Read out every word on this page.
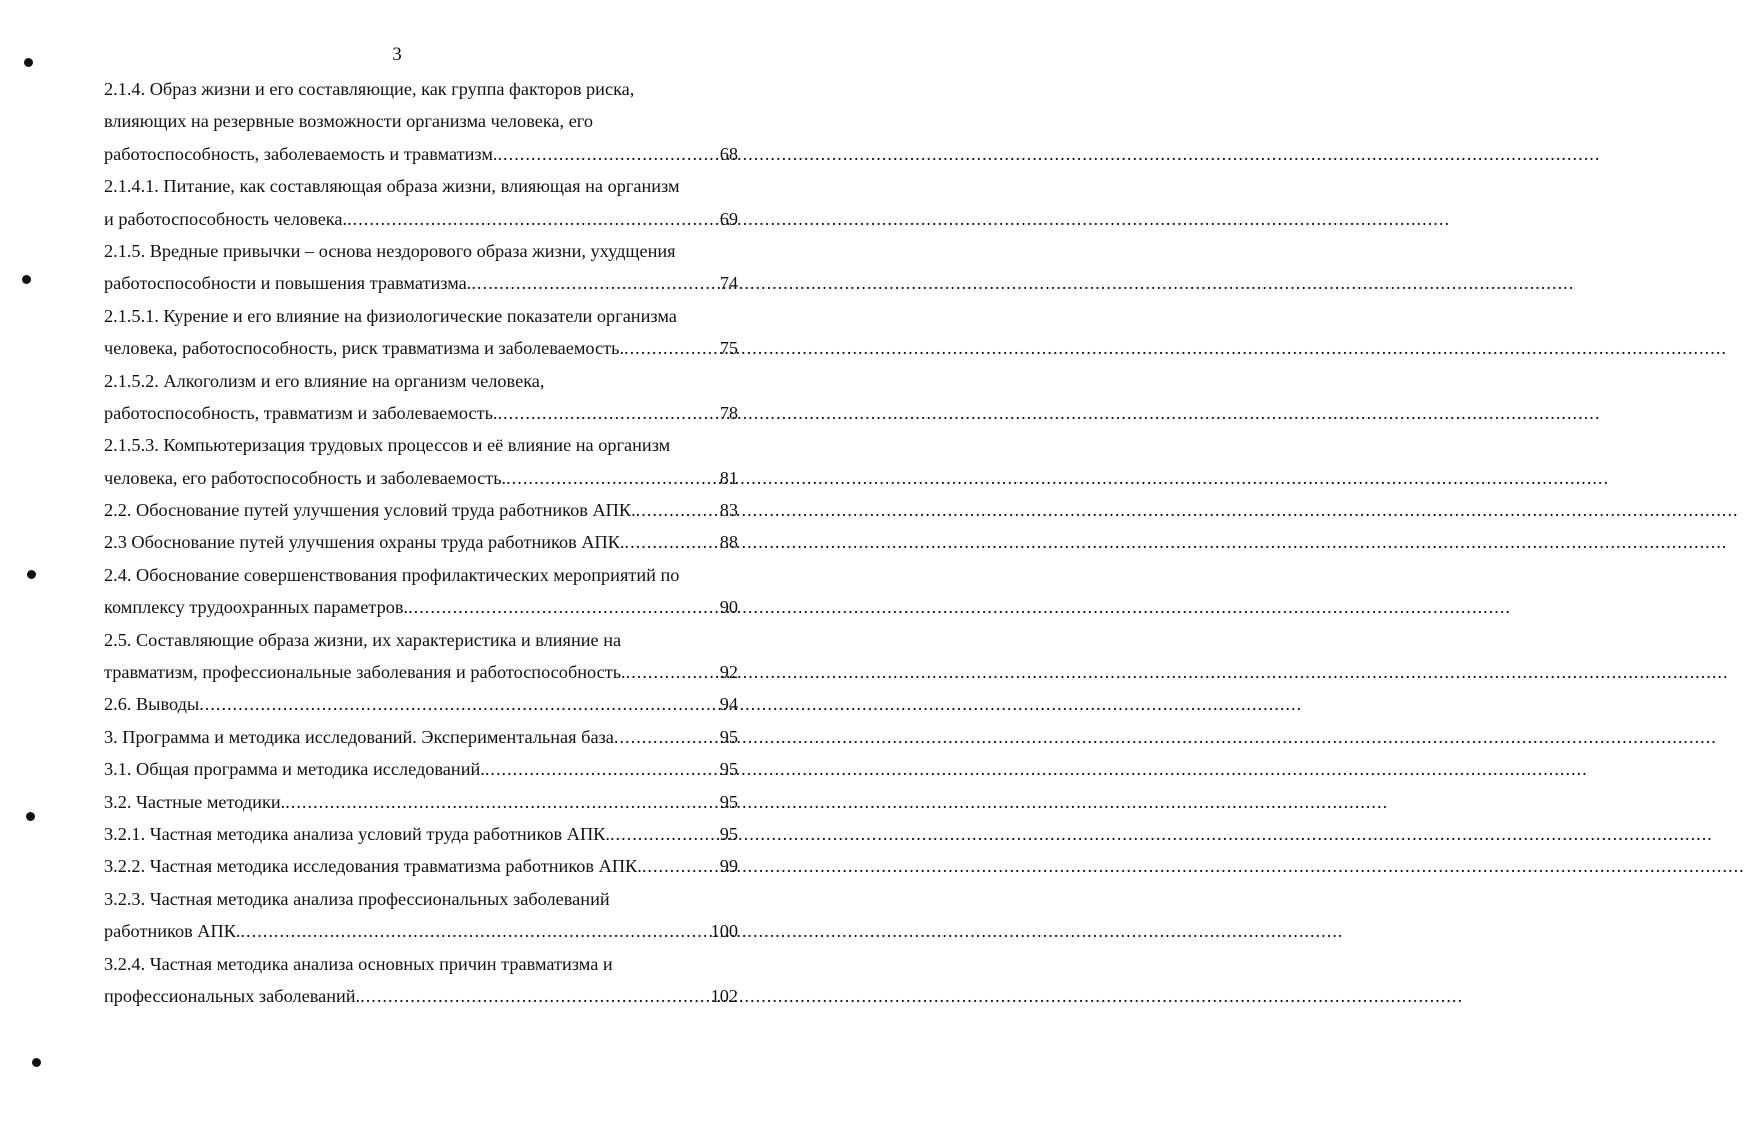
3
2.1.4. Образ жизни и его составляющие, как группа факторов риска,
влияющих на резервные возможности организма человека, его
работоспособность, заболеваемость и травматизм. .....	68
2.1.4.1. Питание, как составляющая образа жизни, влияющая на организм
и работоспособность человека. .....	69
2.1.5. Вредные привычки – основа нездорового образа жизни, ухудщения
работоспособности и повышения травматизма. .....	74
2.1.5.1. Курение и его влияние на физиологические показатели организма
человека, работоспособность, риск травматизма и заболеваемость. .....	75
2.1.5.2. Алкоголизм и его влияние на организм человека,
работоспособность, травматизм и заболеваемость. .....	78
2.1.5.3. Компьютеризация трудовых процессов и её влияние на организм
человека, его работоспособность и заболеваемость. .....	81
2.2. Обоснование путей улучшения условий труда работников АПК. .....	83
2.3 Обоснование путей улучшения охраны труда работников АПК. .....	88
2.4. Обоснование совершенствования профилактических мероприятий по
комплексу трудоохранных параметров. .....	90
2.5. Составляющие образа жизни, их характеристика и влияние на
травматизм, профессиональные заболевания и работоспособность. .....	92
2.6. Выводы .....	94
3. Программа и методика исследований. Экспериментальная база .....	95
3.1. Общая программа и методика исследований. .....	95
3.2. Частные методики. .....	95
3.2.1. Частная методика анализа условий труда работников АПК. .....	95
3.2.2. Частная методика исследования травматизма работников АПК. .....	99
3.2.3. Частная методика анализа профессиональных заболеваний
работников АПК. .....	100
3.2.4. Частная методика анализа основных причин травматизма и
профессиональных заболеваний. .....	102
